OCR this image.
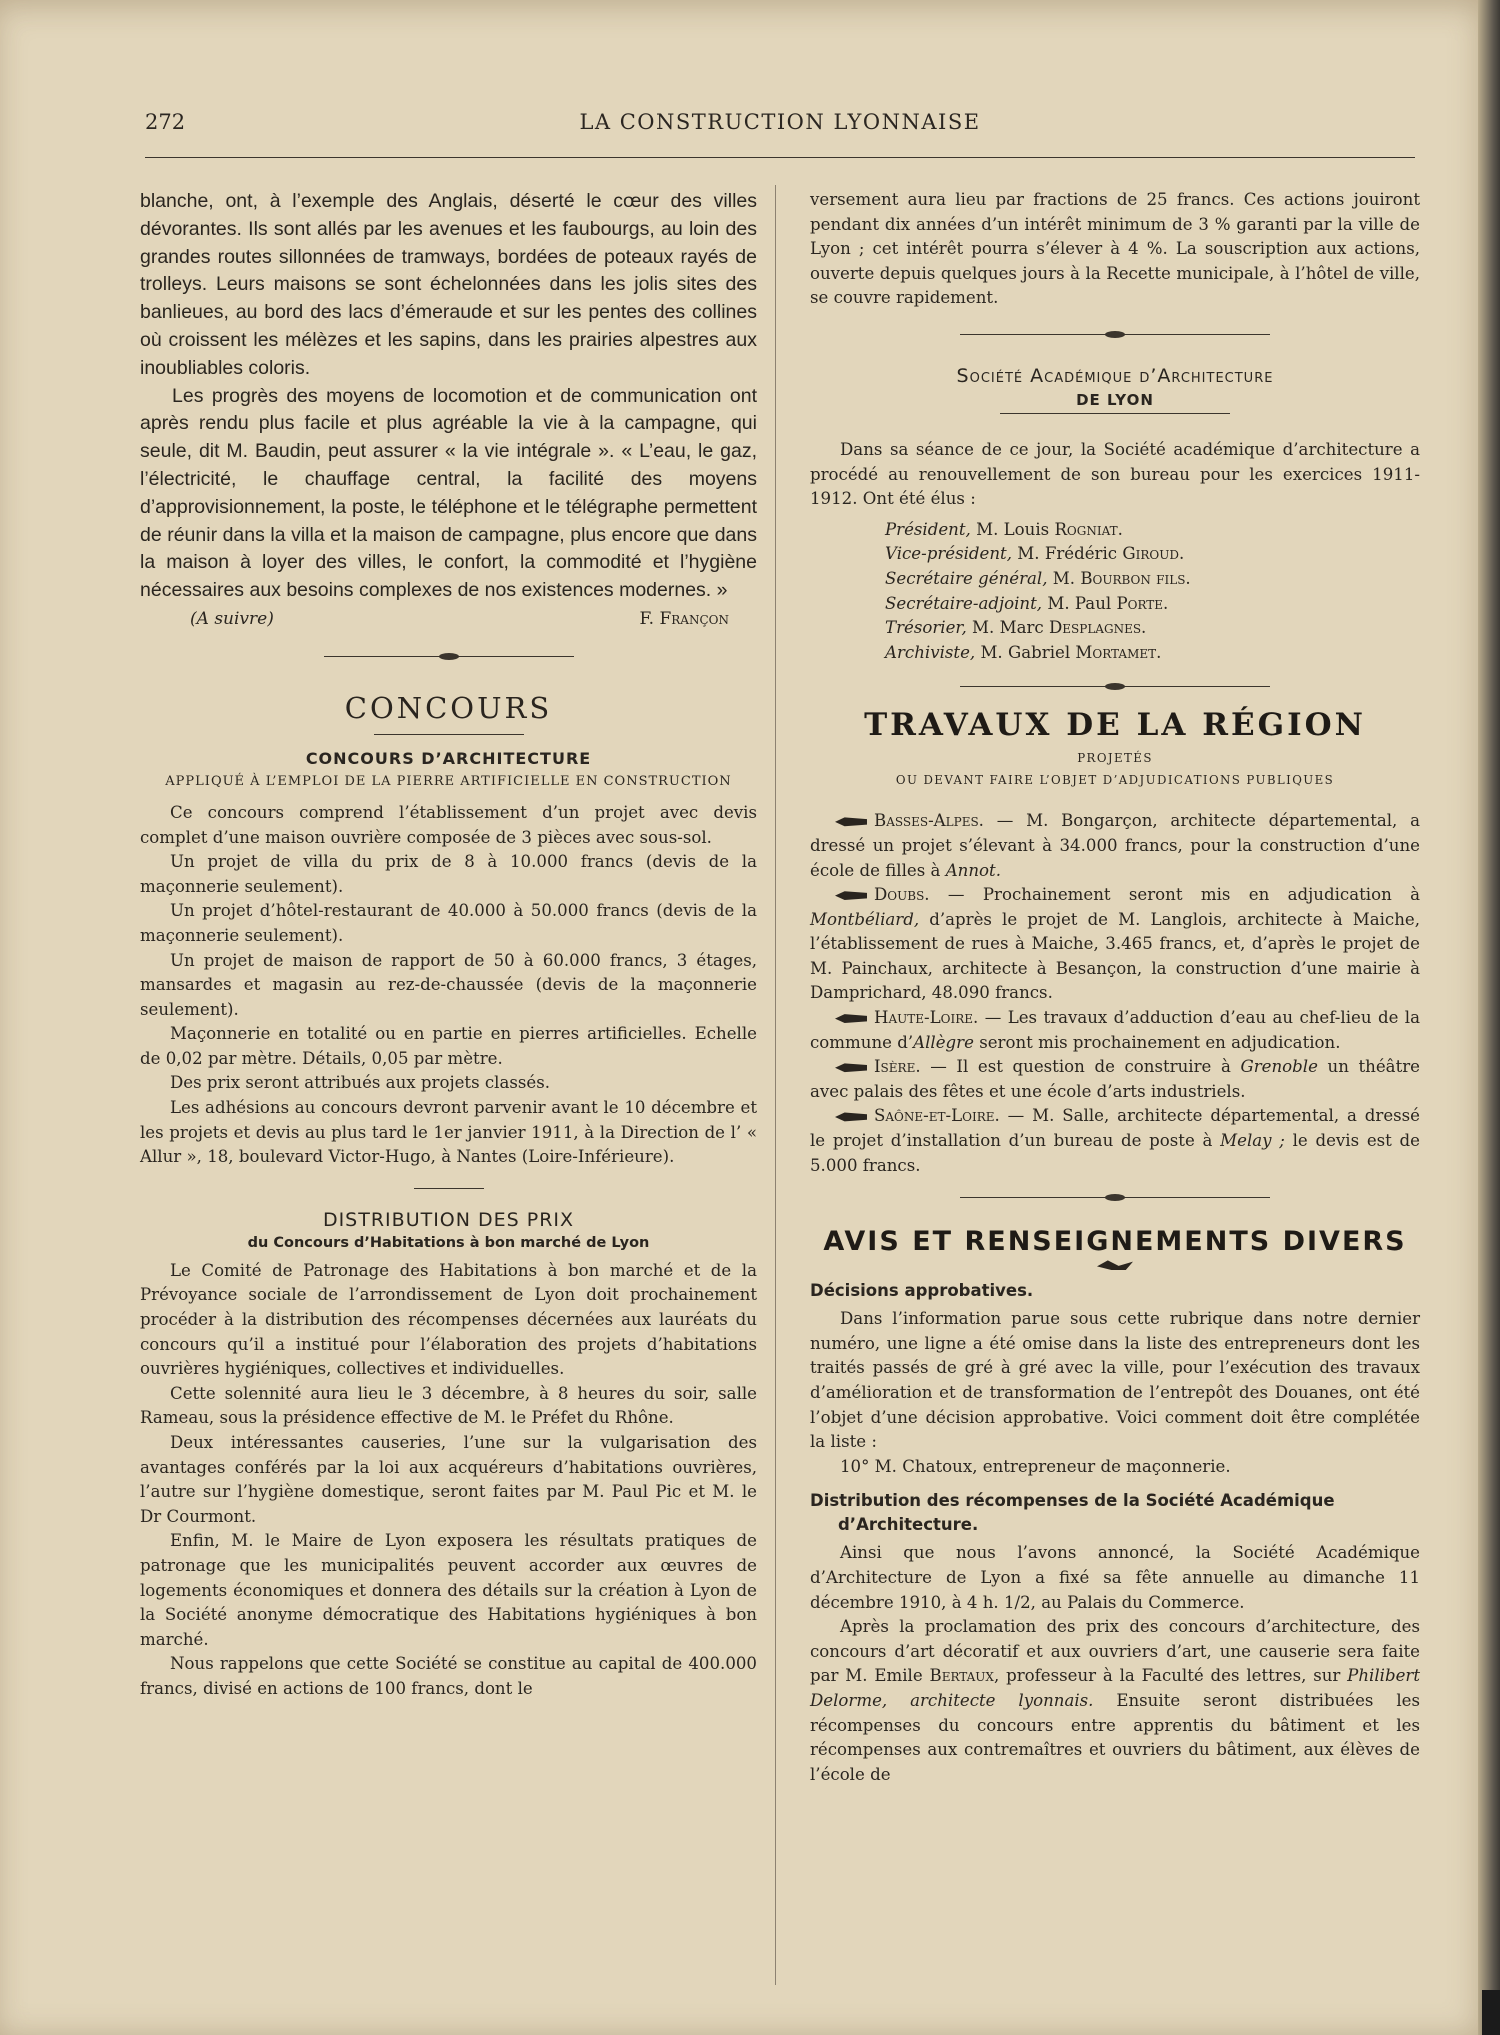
272	LA CONSTRUCTION LYONNAISE

blanche, ont, à l’exemple des Anglais, déserté le cœur des villes dévorantes. Ils sont allés par les avenues et les faubourgs, au loin des grandes routes sillonnées de tramways, bordées de poteaux rayés de trolleys. Leurs maisons se sont échelonnées dans les jolis sites des banlieues, au bord des lacs d’émeraude et sur les pentes des collines où croissent les mélèzes et les sapins, dans les prairies alpestres aux inoubliables coloris.

Les progrès des moyens de locomotion et de communication ont après rendu plus facile et plus agréable la vie à la campagne, qui seule, dit M. Baudin, peut assurer « la vie intégrale ». « L’eau, le gaz, l’électricité, le chauffage central, la facilité des moyens d’approvisionnement, la poste, le téléphone et le télégraphe permettent de réunir dans la villa et la maison de campagne, plus encore que dans la maison à loyer des villes, le confort, la commodité et l’hygiène nécessaires aux besoins complexes de nos existences modernes. »

(A suivre)	F. Françon
concours
CONCOURS D’ARCHITECTURE
APPLIQUÉ À L’EMPLOI DE LA PIERRE ARTIFICIELLE EN CONSTRUCTION

Ce concours comprend l’établissement d’un projet avec devis complet d’une maison ouvrière composée de 3 pièces avec sous-sol.

Un projet de villa du prix de 8 à 10.000 francs (devis de la maçonnerie seulement).

Un projet d’hôtel-restaurant de 40.000 à 50.000 francs (devis de la maçonnerie seulement).

Un projet de maison de rapport de 50 à 60.000 francs, 3 étages, mansardes et magasin au rez-de-chaussée (devis de la maçonnerie seulement).

Maçonnerie en totalité ou en partie en pierres artificielles. Echelle de 0,02 par mètre. Détails, 0,05 par mètre.

Des prix seront attribués aux projets classés.

Les adhésions au concours devront parvenir avant le 10 décembre et les projets et devis au plus tard le 1er janvier 1911, à la Direction de l’ « Allur », 18, boulevard Victor-Hugo, à Nantes (Loire-Inférieure).

DISTRIBUTION DES PRIX
du Concours d’Habitations à bon marché de Lyon

Le Comité de Patronage des Habitations à bon marché et de la Prévoyance sociale de l’arrondissement de Lyon doit prochainement procéder à la distribution des récompenses décernées aux lauréats du concours qu’il a institué pour l’élaboration des projets d’habitations ouvrières hygiéniques, collectives et individuelles.

Cette solennité aura lieu le 3 décembre, à 8 heures du soir, salle Rameau, sous la présidence effective de M. le Préfet du Rhône.

Deux intéressantes causeries, l’une sur la vulgarisation des avantages conférés par la loi aux acquéreurs d’habitations ouvrières, l’autre sur l’hygiène domestique, seront faites par M. Paul Pic et M. le Dr Courmont.

Enfin, M. le Maire de Lyon exposera les résultats pratiques de patronage que les municipalités peuvent accorder aux œuvres de logements économiques et donnera des détails sur la création à Lyon de la Société anonyme démocratique des Habitations hygiéniques à bon marché.

Nous rappelons que cette Société se constitue au capital de 400.000 francs, divisé en actions de 100 francs, dont le

versement aura lieu par fractions de 25 francs. Ces actions jouiront pendant dix années d’un intérêt minimum de 3 % garanti par la ville de Lyon ; cet intérêt pourra s’élever à 4 %. La souscription aux actions, ouverte depuis quelques jours à la Recette municipale, à l’hôtel de ville, se couvre rapidement.

Société Académique d’Architecture
DE LYON

Dans sa séance de ce jour, la Société académique d’architecture a procédé au renouvellement de son bureau pour les exercices 1911-1912. Ont été élus :

Président, M. Louis Rogniat.
Vice-président, M. Frédéric Giroud.
Secrétaire général, M. Bourbon fils.
Secrétaire-adjoint, M. Paul Porte.
Trésorier, M. Marc Desplagnes.
Archiviste, M. Gabriel Mortamet.
TRAVAUX DE LA RÉGION
PROJETÉS
OU DEVANT FAIRE L’OBJET D’ADJUDICATIONS PUBLIQUES

Basses-Alpes. — M. Bongarçon, architecte départemental, a dressé un projet s’élevant à 34.000 francs, pour la construction d’une école de filles à Annot.

Doubs. — Prochainement seront mis en adjudication à Montbéliard, d’après le projet de M. Langlois, architecte à Maiche, l’établissement de rues à Maiche, 3.465 francs, et, d’après le projet de M. Painchaux, architecte à Besançon, la construction d’une mairie à Damprichard, 48.090 francs.

Haute-Loire. — Les travaux d’adduction d’eau au chef-lieu de la commune d’Allègre seront mis prochainement en adjudication.

Isère. — Il est question de construire à Grenoble un théâtre avec palais des fêtes et une école d’arts industriels.

Saône-et-Loire. — M. Salle, architecte départemental, a dressé le projet d’installation d’un bureau de poste à Melay ; le devis est de 5.000 francs.

AVIS ET RENSEIGNEMENTS DIVERS
Décisions approbatives.

Dans l’information parue sous cette rubrique dans notre dernier numéro, une ligne a été omise dans la liste des entrepreneurs dont les traités passés de gré à gré avec la ville, pour l’exécution des travaux d’amélioration et de transformation de l’entrepôt des Douanes, ont été l’objet d’une décision approbative. Voici comment doit être complétée la liste :

10° M. Chatoux, entrepreneur de maçonnerie.

Distribution des récompenses de la Société Académique d’Architecture.

Ainsi que nous l’avons annoncé, la Société Académique d’Architecture de Lyon a fixé sa fête annuelle au dimanche 11 décembre 1910, à 4 h. 1/2, au Palais du Commerce.

Après la proclamation des prix des concours d’architecture, des concours d’art décoratif et aux ouvriers d’art, une causerie sera faite par M. Emile Bertaux, professeur à la Faculté des lettres, sur Philibert Delorme, architecte lyonnais. Ensuite seront distribuées les récompenses du concours entre apprentis du bâtiment et les récompenses aux contremaîtres et ouvriers du bâtiment, aux élèves de l’école de
